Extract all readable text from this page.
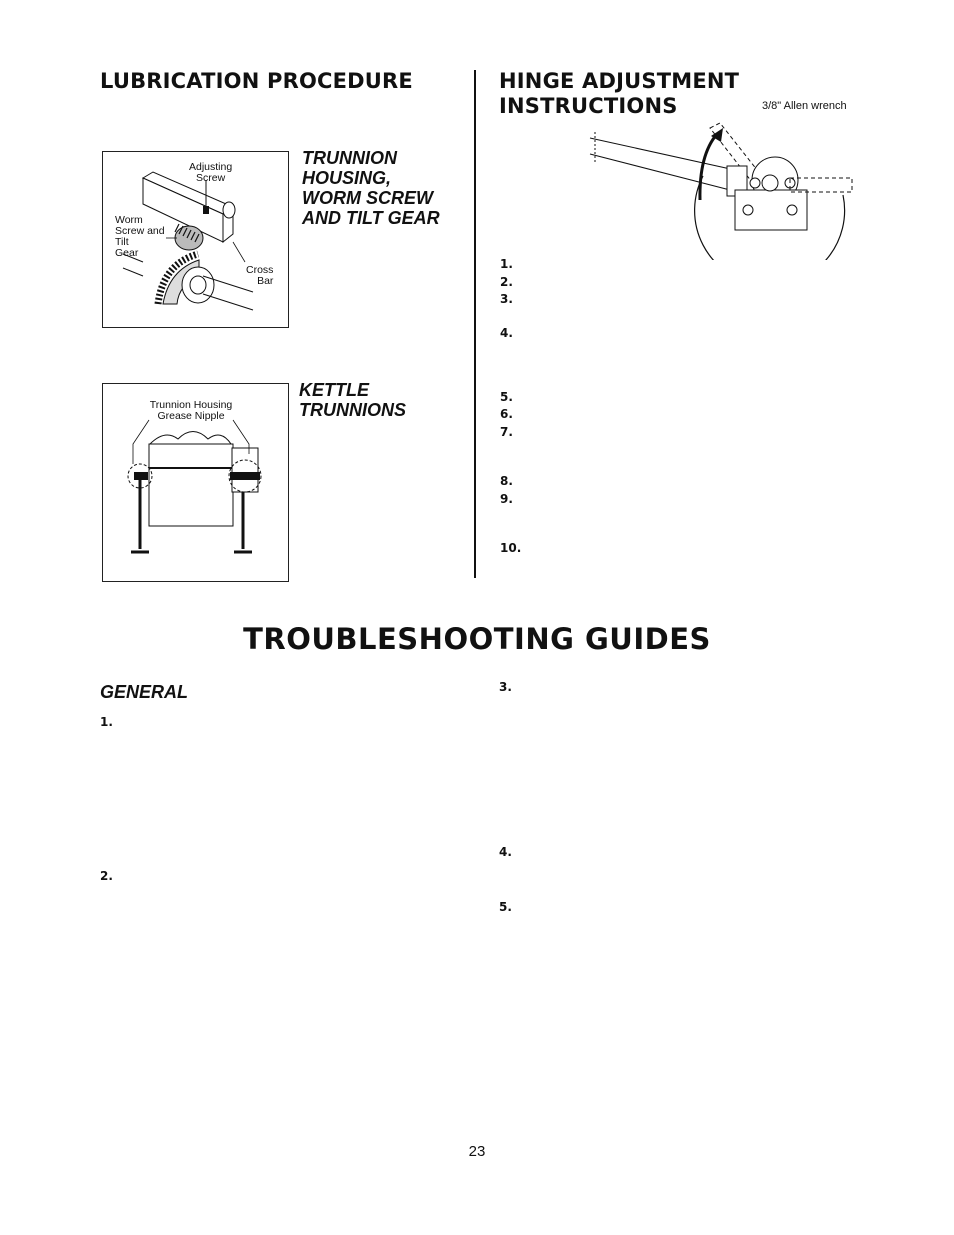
LUBRICATION PROCEDURE
Adjusting
Screw
Worm
Screw and
Tilt
Gear
Cross
Bar
TRUNNION
HOUSING,
WORM SCREW
AND TILT GEAR
Trunnion Housing
Grease Nipple
KETTLE
TRUNNIONS
HINGE ADJUSTMENT
INSTRUCTIONS	3/8" Allen wrench
1.
2.
3.
4.
5.
6.
7.
8.
9.
10.
TROUBLESHOOTING GUIDES
GENERAL
1.
2.
3.
4.
5.
23
